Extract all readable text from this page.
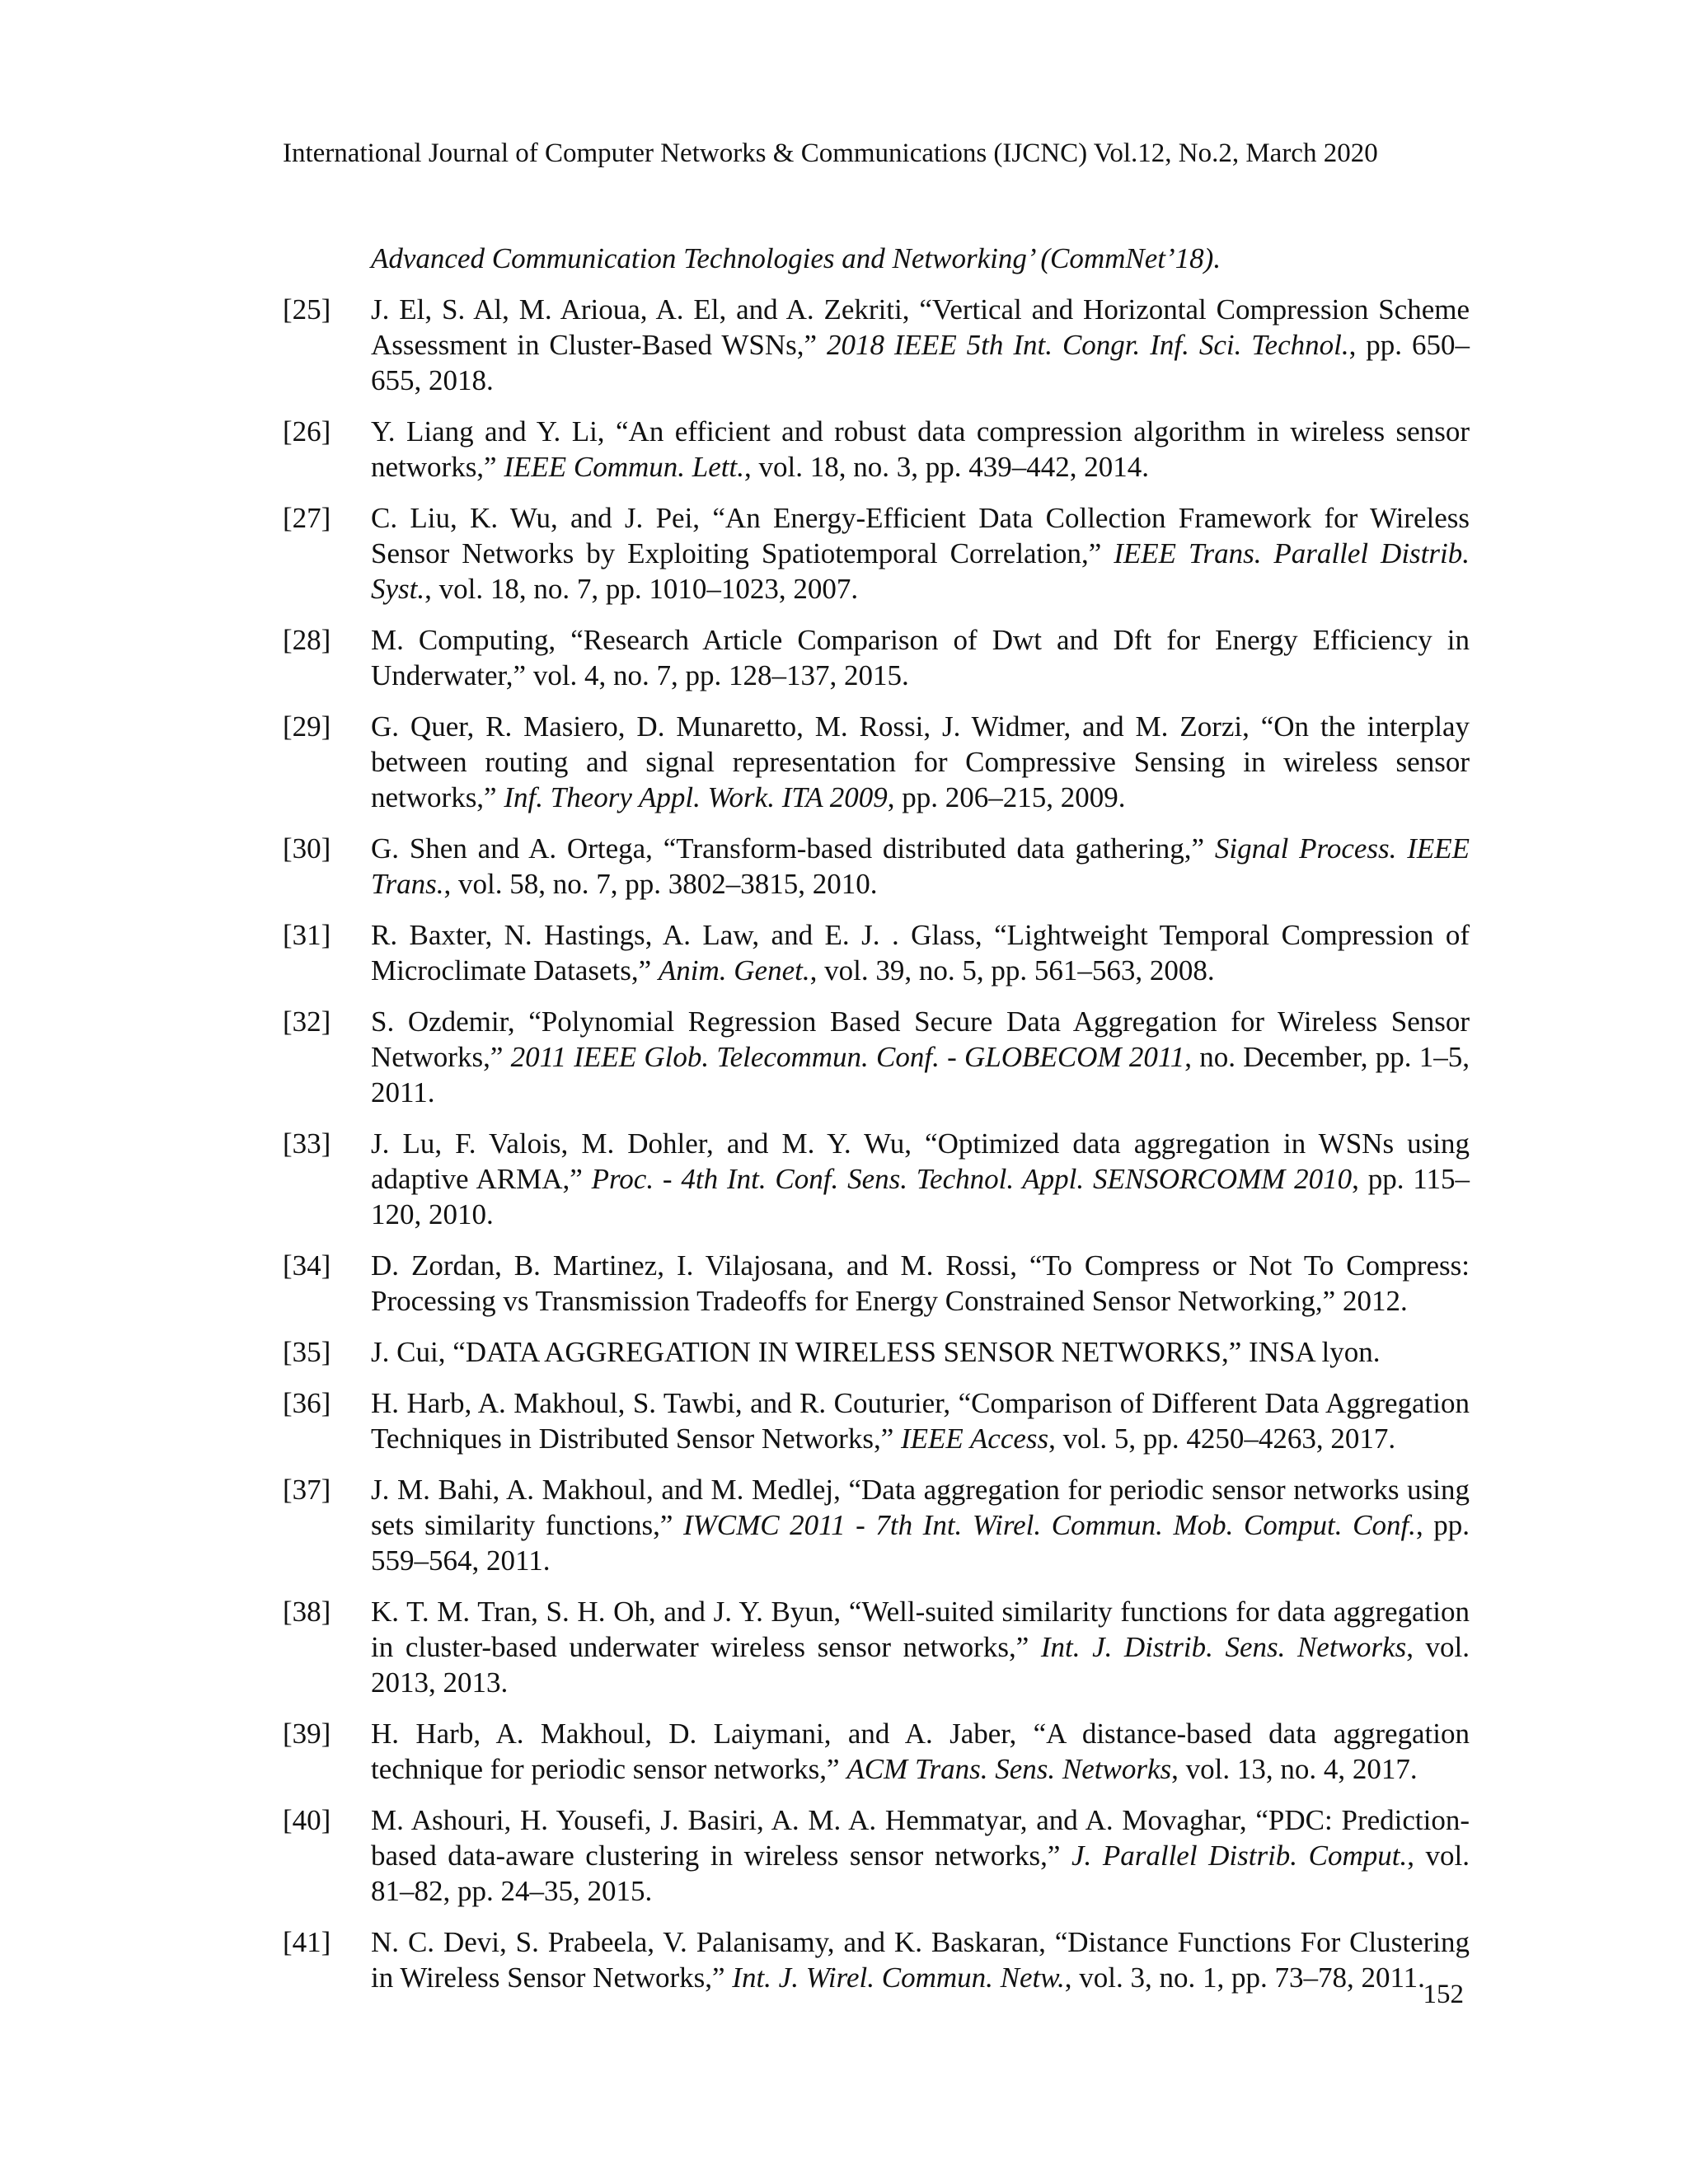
International Journal of Computer Networks & Communications (IJCNC) Vol.12, No.2, March 2020
Advanced Communication Technologies and Networking’ (CommNet’18).
[25] J. El, S. Al, M. Arioua, A. El, and A. Zekriti, “Vertical and Horizontal Compression Scheme Assessment in Cluster-Based WSNs,” 2018 IEEE 5th Int. Congr. Inf. Sci. Technol., pp. 650–655, 2018.
[26] Y. Liang and Y. Li, “An efficient and robust data compression algorithm in wireless sensor networks,” IEEE Commun. Lett., vol. 18, no. 3, pp. 439–442, 2014.
[27] C. Liu, K. Wu, and J. Pei, “An Energy-Efficient Data Collection Framework for Wireless Sensor Networks by Exploiting Spatiotemporal Correlation,” IEEE Trans. Parallel Distrib. Syst., vol. 18, no. 7, pp. 1010–1023, 2007.
[28] M. Computing, “Research Article Comparison of Dwt and Dft for Energy Efficiency in Underwater,” vol. 4, no. 7, pp. 128–137, 2015.
[29] G. Quer, R. Masiero, D. Munaretto, M. Rossi, J. Widmer, and M. Zorzi, “On the interplay between routing and signal representation for Compressive Sensing in wireless sensor networks,” Inf. Theory Appl. Work. ITA 2009, pp. 206–215, 2009.
[30] G. Shen and A. Ortega, “Transform-based distributed data gathering,” Signal Process. IEEE Trans., vol. 58, no. 7, pp. 3802–3815, 2010.
[31] R. Baxter, N. Hastings, A. Law, and E. J. . Glass, “Lightweight Temporal Compression of Microclimate Datasets,” Anim. Genet., vol. 39, no. 5, pp. 561–563, 2008.
[32] S. Ozdemir, “Polynomial Regression Based Secure Data Aggregation for Wireless Sensor Networks,” 2011 IEEE Glob. Telecommun. Conf. - GLOBECOM 2011, no. December, pp. 1–5, 2011.
[33] J. Lu, F. Valois, M. Dohler, and M. Y. Wu, “Optimized data aggregation in WSNs using adaptive ARMA,” Proc. - 4th Int. Conf. Sens. Technol. Appl. SENSORCOMM 2010, pp. 115–120, 2010.
[34] D. Zordan, B. Martinez, I. Vilajosana, and M. Rossi, “To Compress or Not To Compress: Processing vs Transmission Tradeoffs for Energy Constrained Sensor Networking,” 2012.
[35] J. Cui, “DATA AGGREGATION IN WIRELESS SENSOR NETWORKS,” INSA lyon.
[36] H. Harb, A. Makhoul, S. Tawbi, and R. Couturier, “Comparison of Different Data Aggregation Techniques in Distributed Sensor Networks,” IEEE Access, vol. 5, pp. 4250–4263, 2017.
[37] J. M. Bahi, A. Makhoul, and M. Medlej, “Data aggregation for periodic sensor networks using sets similarity functions,” IWCMC 2011 - 7th Int. Wirel. Commun. Mob. Comput. Conf., pp. 559–564, 2011.
[38] K. T. M. Tran, S. H. Oh, and J. Y. Byun, “Well-suited similarity functions for data aggregation in cluster-based underwater wireless sensor networks,” Int. J. Distrib. Sens. Networks, vol. 2013, 2013.
[39] H. Harb, A. Makhoul, D. Laiymani, and A. Jaber, “A distance-based data aggregation technique for periodic sensor networks,” ACM Trans. Sens. Networks, vol. 13, no. 4, 2017.
[40] M. Ashouri, H. Yousefi, J. Basiri, A. M. A. Hemmatyar, and A. Movaghar, “PDC: Prediction-based data-aware clustering in wireless sensor networks,” J. Parallel Distrib. Comput., vol. 81–82, pp. 24–35, 2015.
[41] N. C. Devi, S. Prabeela, V. Palanisamy, and K. Baskaran, “Distance Functions For Clustering in Wireless Sensor Networks,” Int. J. Wirel. Commun. Netw., vol. 3, no. 1, pp. 73–78, 2011.
152
